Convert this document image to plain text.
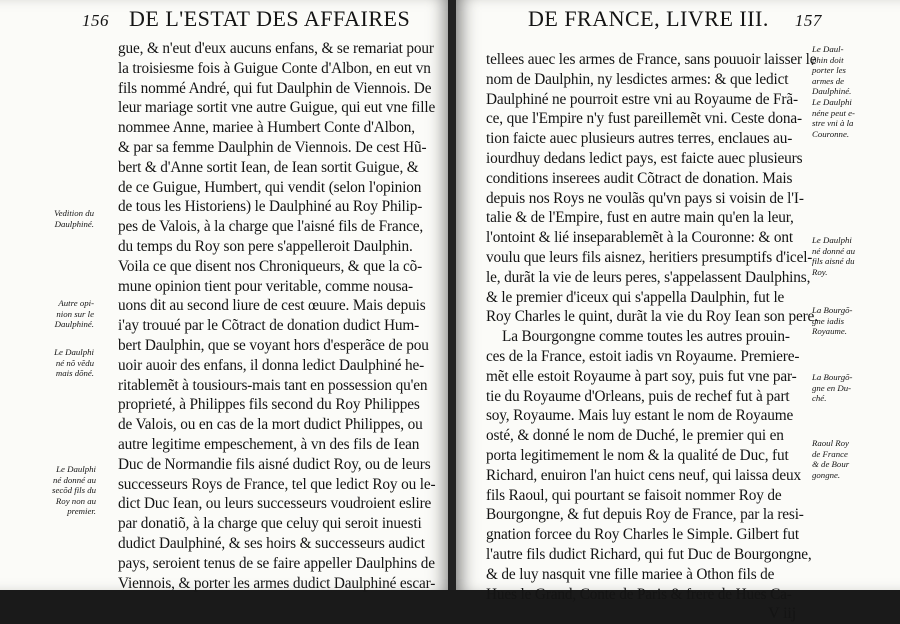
156 DE L'ESTAT DES AFFAIRES
gue, & n'eut d'eux aucuns enfans, & se remariat pour
la troisiesme fois à Guigue Conte d'Albon, en eut vn
fils nommé André, qui fut Daulphin de Viennois. De
leur mariage sortit vne autre Guigue, qui eut vne fille
nommee Anne, mariee à Humbert Conte d'Albon,
& par sa femme Daulphin de Viennois. De cest Hũ-
bert & d'Anne sortit Iean, de Iean sortit Guigue, &
de ce Guigue, Humbert, qui vendit (selon l'opinion
de tous les Historiens) le Daulphiné au Roy Philip-
pes de Valois, à la charge que l'aisné fils de France,
du temps du Roy son pere s'appelleroit Daulphin.
Voila ce que disent nos Chroniqueurs, & que la cõ-
mune opinion tient pour veritable, comme nousa-
uons dit au second liure de cest œuure. Mais depuis
i'ay trouué par le Cõtract de donation dudict Hum-
bert Daulphin, que se voyant hors d'esperãce de pou
uoir auoir des enfans, il donna ledict Daulphiné he-
ritablemẽt à tousiours-mais tant en possession qu'en
proprieté, à Philippes fils second du Roy Philippes
de Valois, ou en cas de la mort dudict Philippes, ou
autre legitime empeschement, à vn des fils de Iean
Duc de Normandie fils aisné dudict Roy, ou de leurs
successeurs Roys de France, tel que ledict Roy ou le-
dict Duc Iean, ou leurs successeurs voudroient eslire
par donatiõ, à la charge que celuy qui seroit inuesti
dudict Daulphiné, & ses hoirs & successeurs audict
pays, seroient tenus de se faire appeller Daulphins de
Viennois, & porter les armes dudict Daulphiné escar-
Vedition du
Daulphiné.
Autre opi-
nion sur le
Daulphiné.
Le Daulphi
né nõ vẽdu
mais dõné.
Le Daulphi
né donné au
secõd fils du
Roy non au
premier.
DE FRANCE, LIVRE III. 157
tellees auec les armes de France, sans pouuoir laisser le
nom de Daulphin, ny lesdictes armes: & que ledict
Daulphiné ne pourroit estre vni au Royaume de Frã-
ce, que l'Empire n'y fust pareillemẽt vni. Ceste dona-
tion faicte auec plusieurs autres terres, enclaues au-
iourdhuy dedans ledict pays, est faicte auec plusieurs
conditions inserees audit Cõtract de donation. Mais
depuis nos Roys ne voulãs qu'vn pays si voisin de l'I-
talie & de l'Empire, fust en autre main qu'en la leur,
l'ontoint & lié inseparablemẽt à la Couronne: & ont
voulu que leurs fils aisnez, heritiers presumptifs d'icel-
le, durãt la vie de leurs peres, s'appelassent Daulphins,
& le premier d'iceux qui s'appella Daulphin, fut le
Roy Charles le quint, durãt la vie du Roy Iean son pere.
La Bourgongne comme toutes les autres prouin-
ces de la France, estoit iadis vn Royaume. Premiere-
mẽt elle estoit Royaume à part soy, puis fut vne par-
tie du Royaume d'Orleans, puis de rechef fut à part
soy, Royaume. Mais luy estant le nom de Royaume
osté, & donné le nom de Duché, le premier qui en
porta legitimement le nom & la qualité de Duc, fut
Richard, enuiron l'an huict cens neuf, qui laissa deux
fils Raoul, qui pourtant se faisoit nommer Roy de
Bourgongne, & fut depuis Roy de France, par la resi-
gnation forcee du Roy Charles le Simple. Gilbert fut
l'autre fils dudict Richard, qui fut Duc de Bourgongne,
& de luy nasquit vne fille mariee à Othon fils de
Hues le Grand, Conte de Paris & frere de Hues Ca-
V iij
Le Daul-
phin doit
porter les
armes de
Daulphiné.
Le Daulphi
néne peut e-
stre vni à la
Couronne.
Le Daulphi
né donné au
fils aisné du
Roy.
La Bourgõ-
gne iadis
Royaume.
La Bourgõ-
gne en Du-
ché.
Raoul Roy
de France
& de Bour
gongne.
